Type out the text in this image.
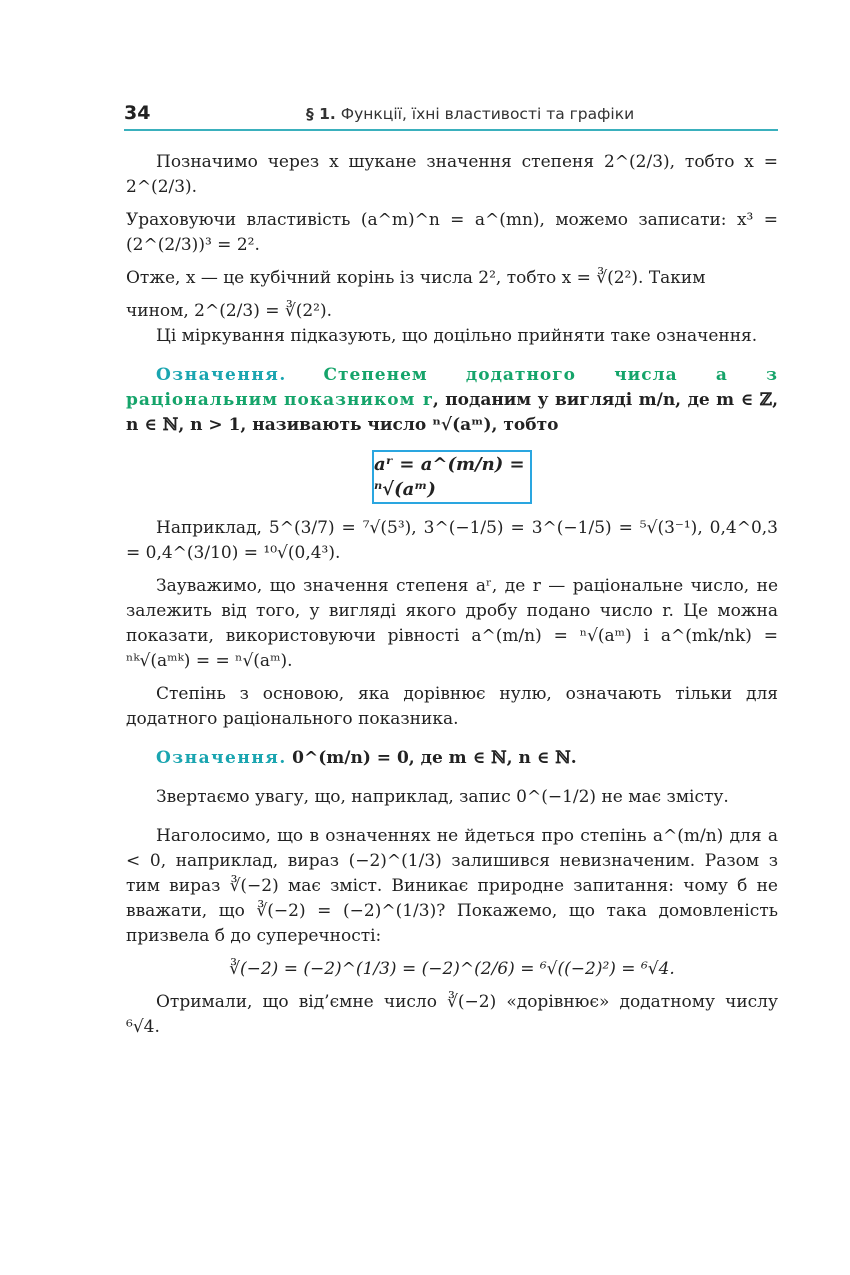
34	§ 1. Функції, їхні властивості та графіки

Позначимо через x шукане значення степеня 2^(2/3), тобто x = 2^(2/3).

Ураховуючи властивість (a^m)^n = a^(mn), можемо записати: x³ = (2^(2/3))³ = 2².

Отже, x — це кубічний корінь із числа 2², тобто x = ∛(2²). Таким

чином, 2^(2/3) = ∛(2²).

Ці міркування підказують, що доцільно прийняти таке означення.

Означення. Степенем додатного числа a з раціональним показником r, поданим у вигляді m/n, де m ∈ ℤ, n ∈ ℕ, n > 1, називають число ⁿ√(aᵐ), тобто

aʳ = a^(m/n) = ⁿ√(aᵐ)

Наприклад, 5^(3/7) = ⁷√(5³), 3^(−1/5) = 3^(−1/5) = ⁵√(3⁻¹), 0,4^0,3 = 0,4^(3/10) = ¹⁰√(0,4³).

Зауважимо, що значення степеня aʳ, де r — раціональне число, не залежить від того, у вигляді якого дробу подано число r. Це можна показати, використовуючи рівності a^(m/n) = ⁿ√(aᵐ) і a^(mk/nk) = ⁿᵏ√(aᵐᵏ) = = ⁿ√(aᵐ).

Степінь з основою, яка дорівнює нулю, означають тільки для додатного раціонального показника.

Означення. 0^(m/n) = 0, де m ∈ ℕ, n ∈ ℕ.

Звертаємо увагу, що, наприклад, запис 0^(−1/2) не має змісту.

Наголосимо, що в означеннях не йдеться про степінь a^(m/n) для a < 0, наприклад, вираз (−2)^(1/3) залишився невизначеним. Разом з тим вираз ∛(−2) має зміст. Виникає природне запитання: чому б не вважати, що ∛(−2) = (−2)^(1/3)? Покажемо, що така домовленість призвела б до суперечності:

∛(−2) = (−2)^(1/3) = (−2)^(2/6) = ⁶√((−2)²) = ⁶√4.

Отримали, що від’ємне число ∛(−2) «дорівнює» додатному числу ⁶√4.
